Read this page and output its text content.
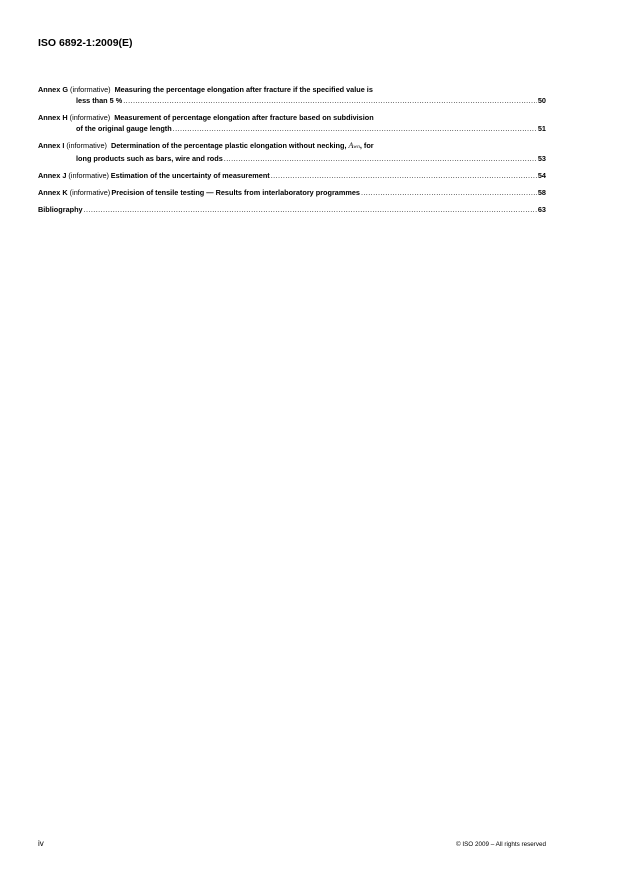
ISO 6892-1:2009(E)
Annex G
(informative) Measuring the percentage elongation after fracture if the specified value is
less than 5 % .....	50
Annex H
(informative) Measurement of percentage elongation after fracture based on subdivision
of the original gauge length .....	51
Annex I
(informative) Determination of the percentage plastic elongation without necking,
A wn , for
long products such as bars, wire and rods .....	53
Annex J
(informative) Estimation of the uncertainty of measurement .....	54
Annex K
(informative) Precision of tensile testing — Results from interlaboratory programmes .....	58
Bibliography .....	63
iv	© ISO 2009 – All rights reserved
